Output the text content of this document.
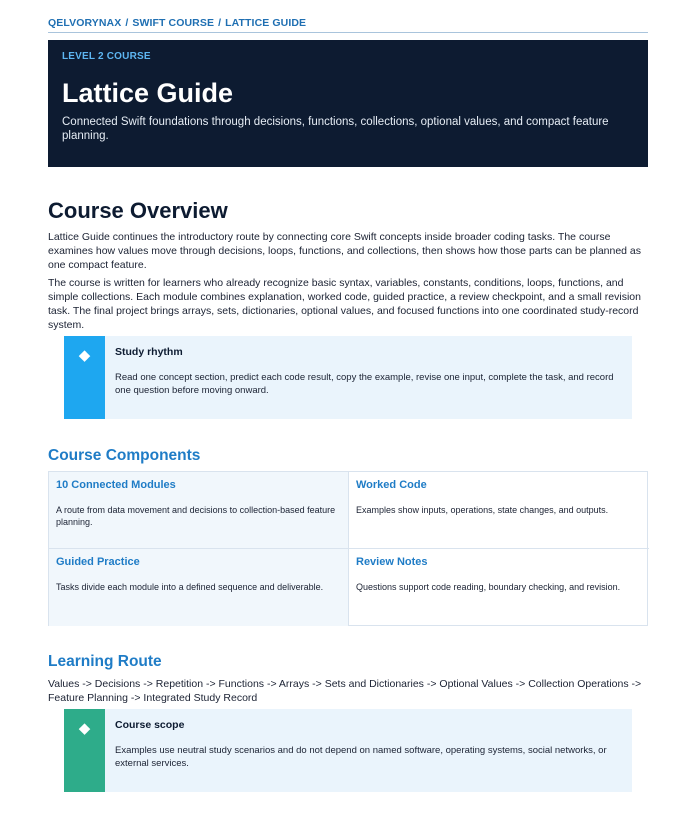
QELVORYNAX / SWIFT COURSE / LATTICE GUIDE
LEVEL 2 COURSE
Lattice Guide

Connected Swift foundations through decisions, functions, collections, optional values, and compact feature planning.

Course Overview

Lattice Guide continues the introductory route by connecting core Swift concepts inside broader coding tasks. The course examines how values move through decisions, loops, functions, and collections, then shows how those parts can be planned as one compact feature.

The course is written for learners who already recognize basic syntax, variables, constants, conditions, loops, functions, and simple collections. Each module combines explanation, worked code, guided practice, a review checkpoint, and a small revision task. The final project brings arrays, sets, dictionaries, optional values, and focused functions into one coordinated study-record system.

◆ Study rhythm
Read one concept section, predict each code result, copy the example, revise one input, complete the task, and record one question before moving onward.
Course Components
10 Connected Modules
A route from data movement and decisions to collection-based feature planning.
Worked Code
Examples show inputs, operations, state changes, and outputs.
Guided Practice
Tasks divide each module into a defined sequence and deliverable.
Review Notes
Questions support code reading, boundary checking, and revision.
Learning Route

Values -> Decisions -> Repetition -> Functions -> Arrays -> Sets and Dictionaries -> Optional Values -> Collection Operations -> Feature Planning -> Integrated Study Record

◆ Course scope
Examples use neutral study scenarios and do not depend on named software, operating systems, social networks, or external services.
